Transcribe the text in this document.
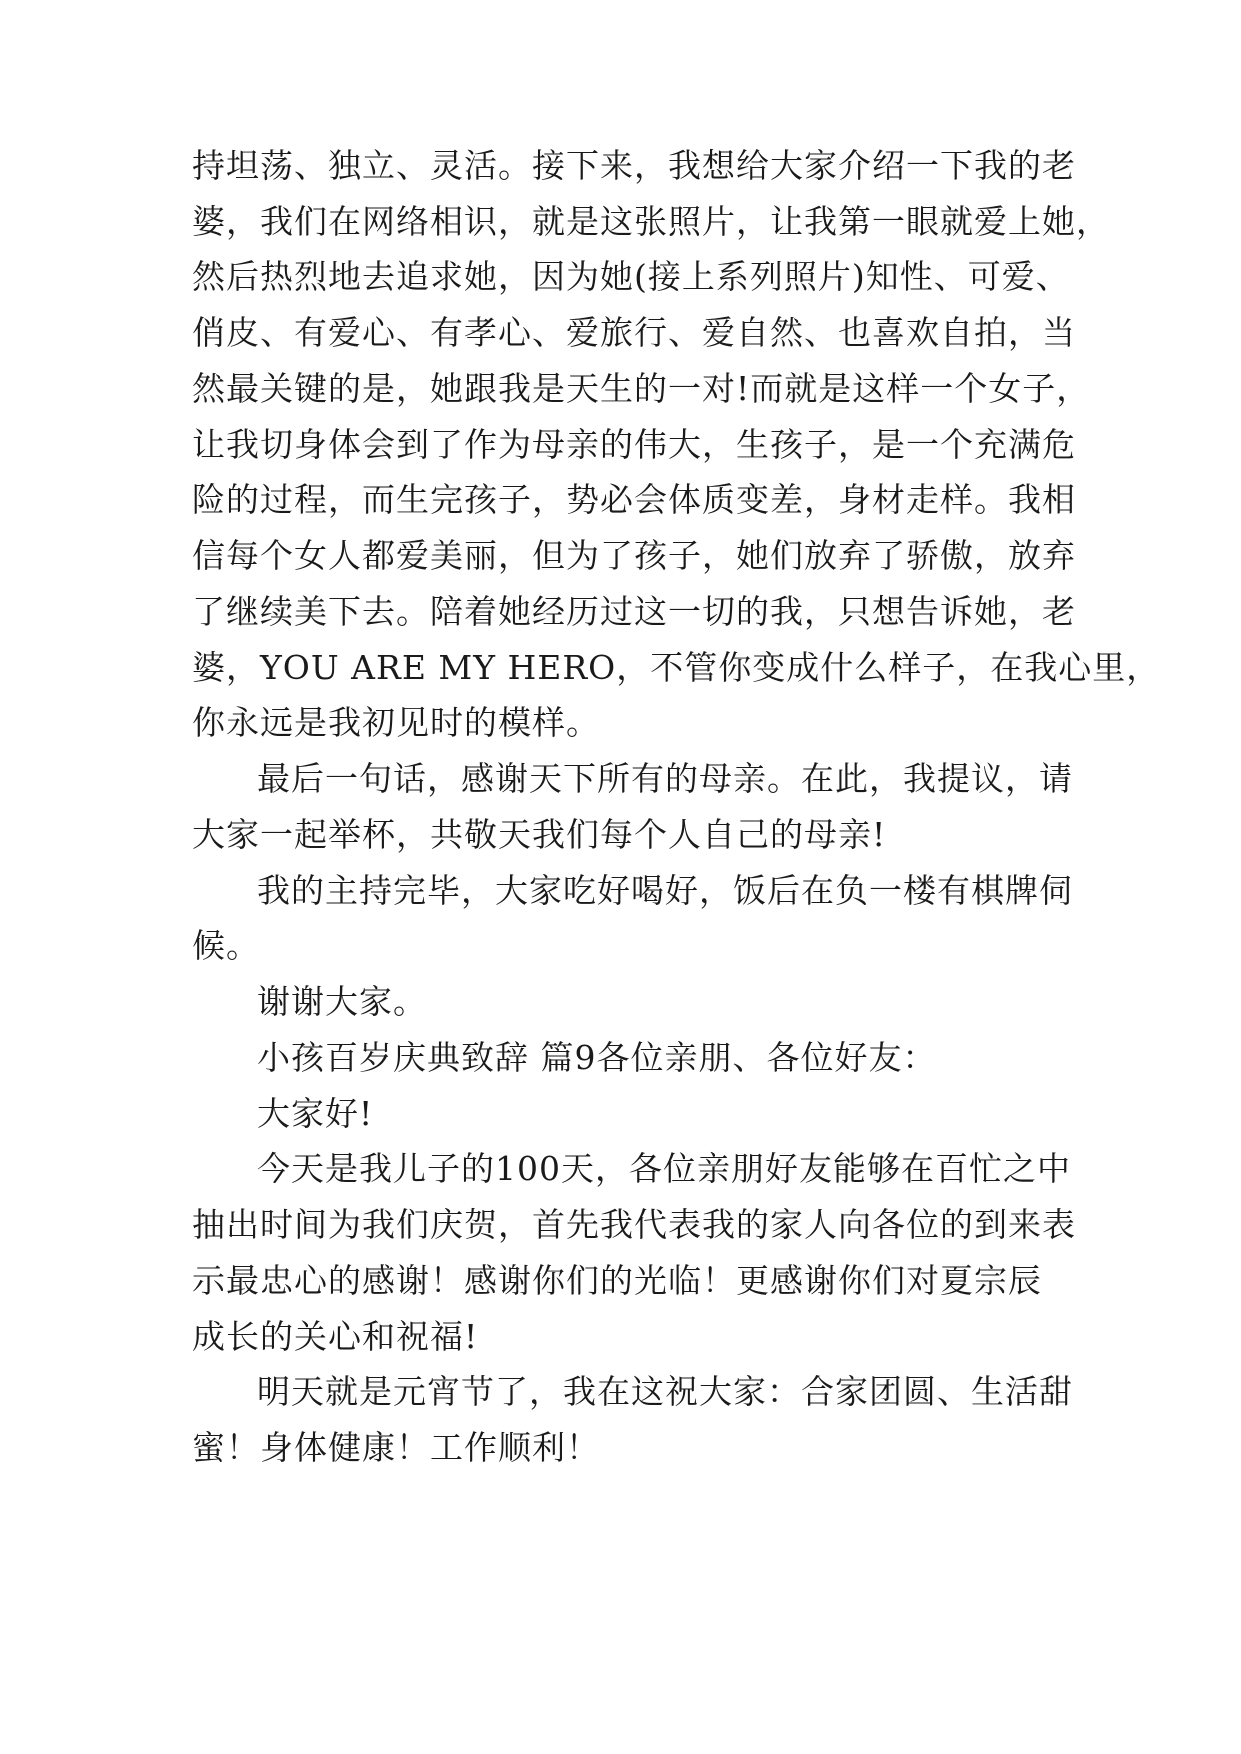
持坦荡、独立、灵活。接下来，我想给大家介绍一下我的老
婆，我们在网络相识，就是这张照片，让我第一眼就爱上她，
然后热烈地去追求她，因为她(接上系列照片)知性、可爱、
俏皮、有爱心、有孝心、爱旅行、爱自然、也喜欢自拍，当
然最关键的是，她跟我是天生的一对!而就是这样一个女子，
让我切身体会到了作为母亲的伟大，生孩子，是一个充满危
险的过程，而生完孩子，势必会体质变差，身材走样。我相
信每个女人都爱美丽，但为了孩子，她们放弃了骄傲，放弃
了继续美下去。陪着她经历过这一切的我，只想告诉她，老
婆，YOU ARE MY HERO，不管你变成什么样子，在我心里，
你永远是我初见时的模样。
最后一句话，感谢天下所有的母亲。在此，我提议，请
大家一起举杯，共敬天我们每个人自己的母亲!
我的主持完毕，大家吃好喝好，饭后在负一楼有棋牌伺
候。
谢谢大家。
小孩百岁庆典致辞 篇9各位亲朋、各位好友：
大家好!
今天是我儿子的100天，各位亲朋好友能够在百忙之中
抽出时间为我们庆贺，首先我代表我的家人向各位的到来表
示最忠心的感谢！感谢你们的光临！更感谢你们对夏宗辰
成长的关心和祝福!
明天就是元宵节了，我在这祝大家：合家团圆、生活甜
蜜！身体健康！工作顺利！
